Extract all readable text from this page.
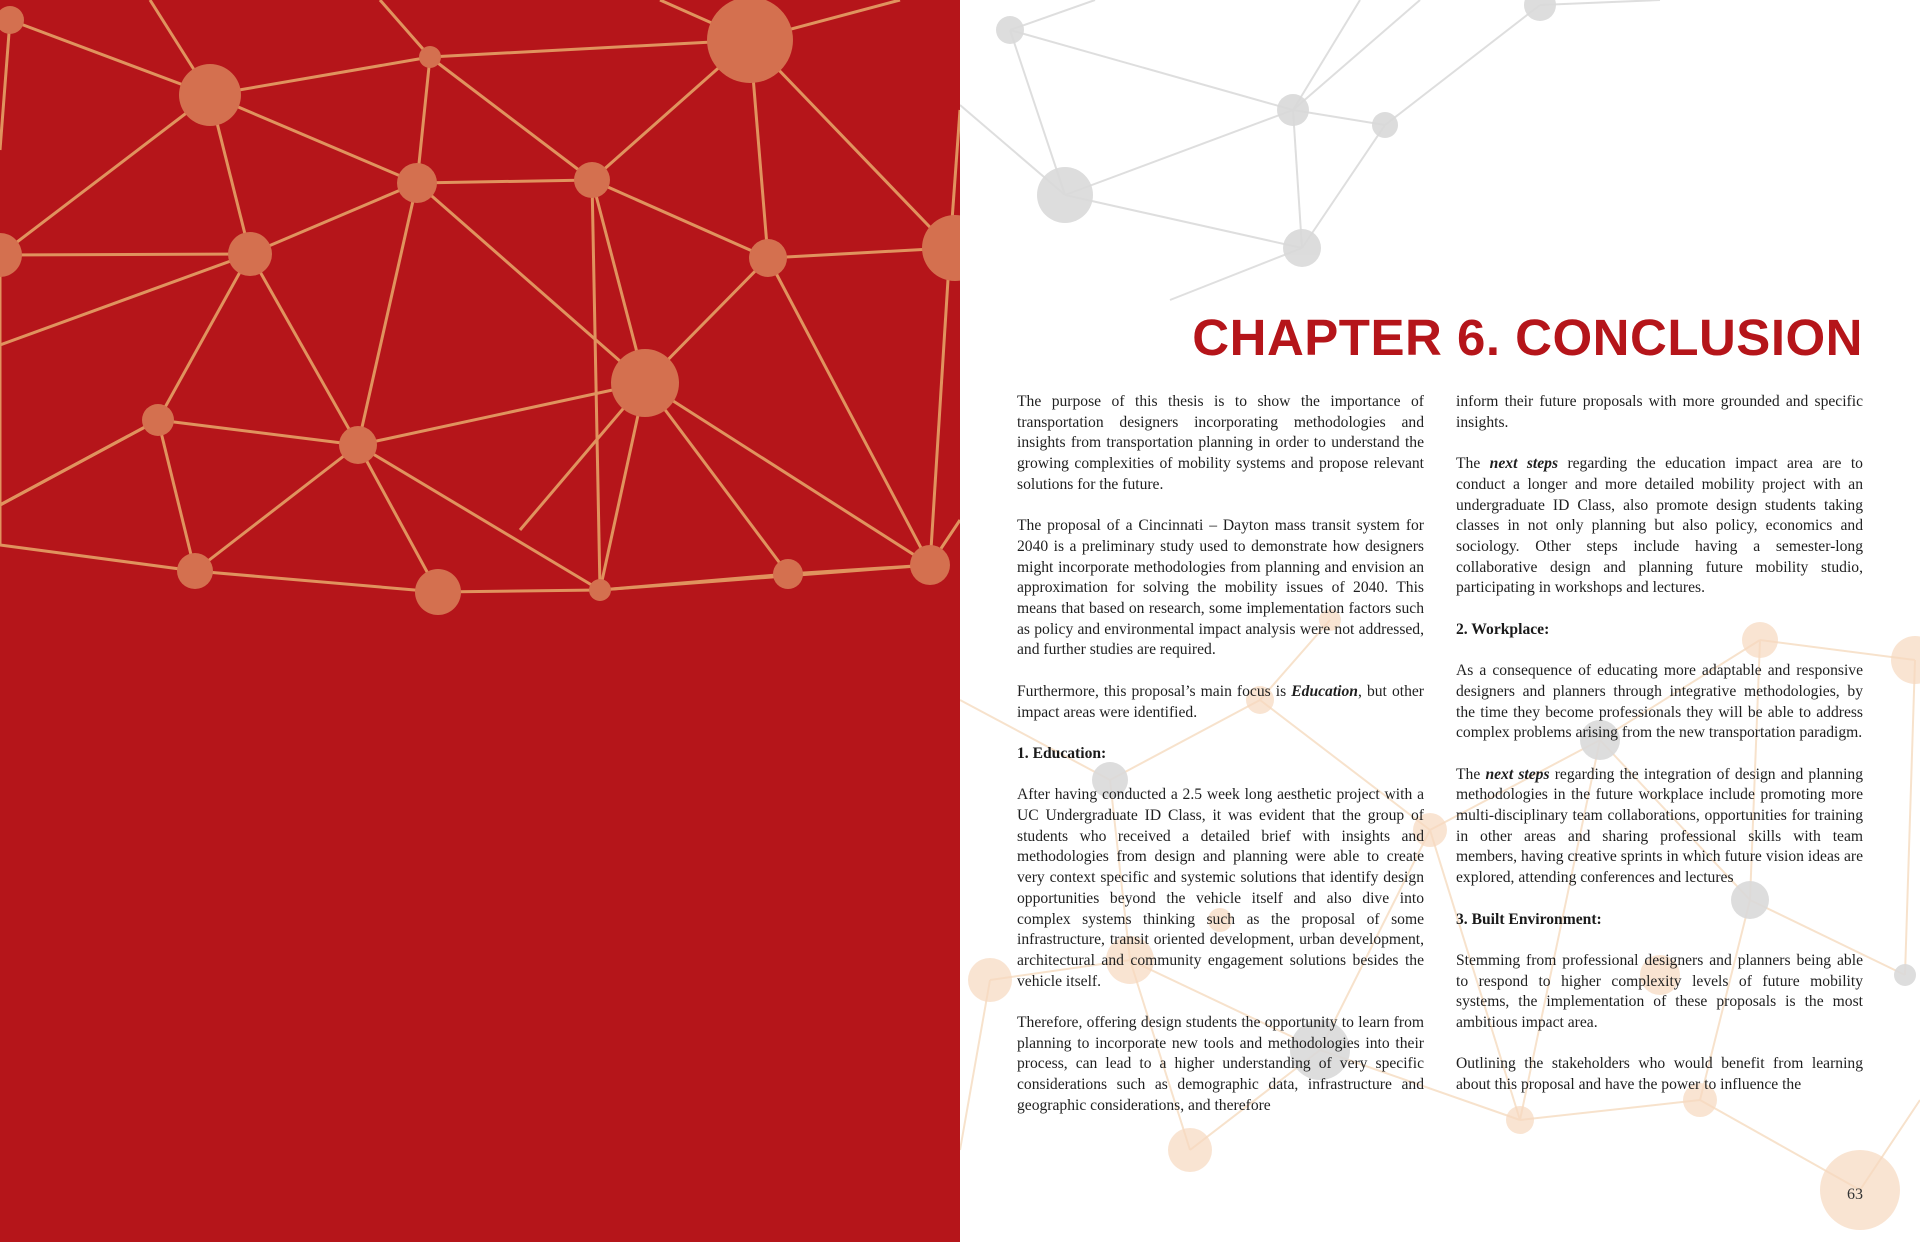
CHAPTER 6. CONCLUSION

The purpose of this thesis is to show the importance of transportation designers incorporating methodologies and insights from transportation planning in order to understand the growing complexities of mobility systems and propose relevant solutions for the future.

The proposal of a Cincinnati – Dayton mass transit system for 2040 is a preliminary study used to demonstrate how designers might incorporate methodologies from planning and envision an approximation for solving the mobility issues of 2040. This means that based on research, some implementation factors such as policy and environmental impact analysis were not addressed, and further studies are required.

Furthermore, this proposal’s main focus is Education, but other impact areas were identified.

1. Education:

After having conducted a 2.5 week long aesthetic project with a UC Undergraduate ID Class, it was evident that the group of students who received a detailed brief with insights and methodologies from design and planning were able to create very context specific and systemic solutions that identify design opportunities beyond the vehicle itself and also dive into complex systems thinking such as the proposal of some infrastructure, transit oriented development, urban development, architectural and community engagement solutions besides the vehicle itself.

Therefore, offering design students the opportunity to learn from planning to incorporate new tools and methodologies into their process, can lead to a higher understanding of very specific considerations such as demographic data, infrastructure and geographic considerations, and therefore

inform their future proposals with more grounded and specific insights.

The next steps regarding the education impact area are to conduct a longer and more detailed mobility project with an undergraduate ID Class, also promote design students taking classes in not only planning but also policy, economics and sociology. Other steps include having a semester-long collaborative design and planning future mobility studio, participating in workshops and lectures.

2. Workplace:

As a consequence of educating more adaptable and responsive designers and planners through integrative methodologies, by the time they become professionals they will be able to address complex problems arising from the new transportation paradigm.

The next steps regarding the integration of design and planning methodologies in the future workplace include promoting more multi-disciplinary team collaborations, opportunities for training in other areas and sharing professional skills with team members, having creative sprints in which future vision ideas are explored, attending conferences and lectures

3. Built Environment:

Stemming from professional designers and planners being able to respond to higher complexity levels of future mobility systems, the implementation of these proposals is the most ambitious impact area.

Outlining the stakeholders who would benefit from learning about this proposal and have the power to influence the

63
